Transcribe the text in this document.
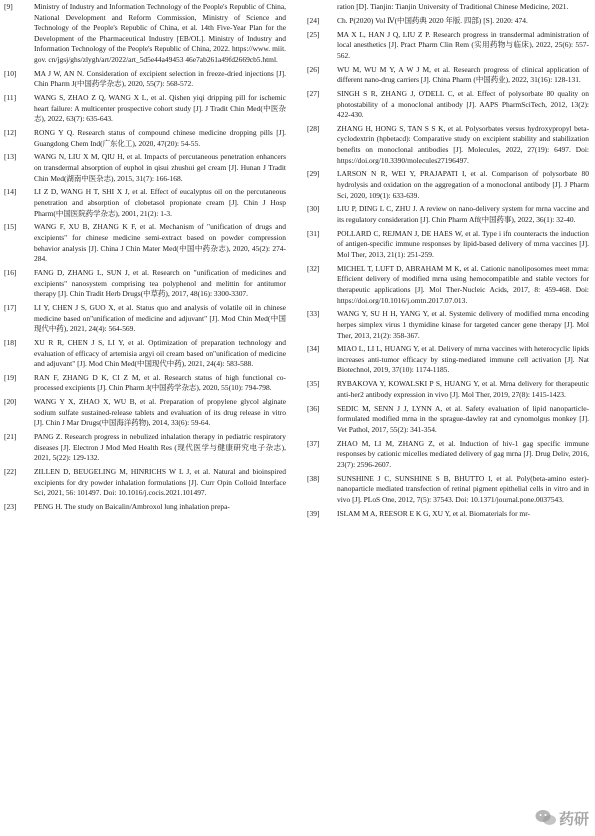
[9]	Ministry of Industry and Information Technology of the People's Republic of China, National Development and Reform Commission, Ministry of Science and Technology of the People's Republic of China, et al. 14th Five-Year Plan for the Development of the Pharmaceutical Industry [EB/OL]. Ministry of Industry and Information Technology of the People's Republic of China, 2022. https://www. miit. gov. cn/jgsj/ghs/zlygh/art/2022/art_5d5e44a49453 46e7ab261a49fd2669cb5.html.
[10]	MA J W, AN N. Consideration of excipient selection in freeze-dried injections [J]. Chin Pharm J(中国药学杂志), 2020, 55(7): 568-572.
[11]	WANG S, ZHAO Z Q, WANG X L, et al. Qishen yiqi dripping pill for ischemic heart failure: A multicenter prospective cohort study [J]. J Tradit Chin Med(中医杂志), 2022, 63(7): 635-643.
[12]	RONG Y Q. Research status of compound chinese medicine dropping pills [J]. Guangdong Chem Ind(广东化工), 2020, 47(20): 54-55.
[13]	WANG N, LIU X M, QIU H, et al. Impacts of percutaneous penetration enhancers on transdermal absorption of euphol in qisui zhushui gel cream [J]. Hunan J Tradit Chin Med(湖南中医杂志), 2015, 31(7): 166-168.
[14]	LI Z D, WANG H T, SHI X J, et al. Effect of eucalyptus oil on the percutaneous penetration and absorption of clobetasol propionate cream [J]. Chin J Hosp Pharm(中国医院药学杂志), 2001, 21(2): 1-3.
[15]	WANG F, XU B, ZHANG K F, et al. Mechanism of "unification of drugs and excipients" for chinese medicine semi-extract based on powder compression behavior analysis [J]. China J Chin Mater Med(中国中药杂志), 2020, 45(2): 274-284.
[16]	FANG D, ZHANG L, SUN J, et al. Research on "unification of medicines and excipients" nanosystem comprising tea polyphenol and melittin for antitumor therapy [J]. Chin Tradit Herb Drugs(中草药), 2017, 48(16): 3300-3307.
[17]	LI Y, CHEN J S, GUO X, et al. Status quo and analysis of volatile oil in chinese medicine based on"unification of medicine and adjuvant" [J]. Mod Chin Med(中国现代中药), 2021, 24(4): 564-569.
[18]	XU R R, CHEN J S, LI Y, et al. Optimization of preparation technology and evaluation of efficacy of artemisia argyi oil cream based on"unification of medicine and adjuvant" [J]. Mod Chin Med(中国现代中药), 2021, 24(4): 583-588.
[19]	RAN F, ZHANG D K, CI Z M, et al. Research status of high functional co-processed excipients [J]. Chin Pharm J(中国药学杂志), 2020, 55(10): 794-798.
[20]	WANG Y X, ZHAO X, WU B, et al. Preparation of propylene glycol alginate sodium sulfate sustained-release tablets and evaluation of its drug release in vitro [J]. Chin J Mar Drugs(中国海洋药物), 2014, 33(6): 59-64.
[21]	PANG Z. Research progress in nebulized inhalation therapy in pediatric respiratory diseases [J]. Electron J Mod Med Health Res (现代医学与健康研究电子杂志), 2021, 5(22): 129-132.
[22]	ZILLEN D, BEUGELING M, HINRICHS W L J, et al. Natural and bioinspired excipients for dry powder inhalation formulations [J]. Curr Opin Colloid Interface Sci, 2021, 56: 101497. Doi: 10.1016/j.cocis.2021.101497.
[23]	PENG H. The study on Baicalin/Ambroxol lung inhalation prepa-
ration [D]. Tianjin: Tianjin University of Traditional Chinese Medicine, 2021.
[24]	Ch. P(2020) Vol Ⅳ(中国药典 2020 年版. 四部) [S]. 2020: 474.
[25]	MA X L, HAN J Q, LIU Z P. Research progress in transdermal administration of local anesthetics [J]. Pract Pharm Clin Rem (实用药物与临床), 2022, 25(6): 557-562.
[26]	WU M, WU M Y, A W J M, et al. Research progress of clinical application of different nano-drug carriers [J]. China Pharm (中国药业), 2022, 31(16): 128-131.
[27]	SINGH S R, ZHANG J, O'DELL C, et al. Effect of polysorbate 80 quality on photostability of a monoclonal antibody [J]. AAPS PharmSciTech, 2012, 13(2): 422-430.
[28]	ZHANG H, HONG S, TAN S S K, et al. Polysorbates versus hydroxypropyl beta-cyclodextrin (hpbetacd): Comparative study on excipient stability and stabilization benefits on monoclonal antibodies [J]. Molecules, 2022, 27(19): 6497. Doi: https://doi.org/10.3390/molecules27196497.
[29]	LARSON N R, WEI Y, PRAJAPATI I, et al. Comparison of polysorbate 80 hydrolysis and oxidation on the aggregation of a monoclonal antibody [J]. J Pharm Sci, 2020, 109(1): 633-639.
[30]	LIU P, DING L C, ZHU J. A review on nano-delivery system for mrna vaccine and its regulatory consideration [J]. Chin Pharm Aff(中国药事), 2022, 36(1): 32-40.
[31]	POLLARD C, REJMAN J, DE HAES W, et al. Type i ifn counteracts the induction of antigen-specific immune responses by lipid-based delivery of mrna vaccines [J]. Mol Ther, 2013, 21(1): 251-259.
[32]	MICHEL T, LUFT D, ABRAHAM M K, et al. Cationic nanoliposomes meet mrna: Efficient delivery of modified mrna using hemocompatible and stable vectors for therapeutic applications [J]. Mol Ther-Nucleic Acids, 2017, 8: 459-468. Doi: https://doi.org/10.1016/j.omtn.2017.07.013.
[33]	WANG Y, SU H H, YANG Y, et al. Systemic delivery of modified mrna encoding herpes simplex virus 1 thymidine kinase for targeted cancer gene therapy [J]. Mol Ther, 2013, 21(2): 358-367.
[34]	MIAO L, LI L, HUANG Y, et al. Delivery of mrna vaccines with heterocyclic lipids increases anti-tumor efficacy by sting-mediated immune cell activation [J]. Nat Biotechnol, 2019, 37(10): 1174-1185.
[35]	RYBAKOVA Y, KOWALSKI P S, HUANG Y, et al. Mrna delivery for therapeutic anti-her2 antibody expression in vivo [J]. Mol Ther, 2019, 27(8): 1415-1423.
[36]	SEDIC M, SENN J J, LYNN A, et al. Safety evaluation of lipid nanoparticle-formulated modified mrna in the sprague-dawley rat and cynomolgus monkey [J]. Vet Pathol, 2017, 55(2): 341-354.
[37]	ZHAO M, LI M, ZHANG Z, et al. Induction of hiv-1 gag specific immune responses by cationic micelles mediated delivery of gag mrna [J]. Drug Deliv, 2016, 23(7): 2596-2607.
[38]	SUNSHINE J C, SUNSHINE S B, BHUTTO I, et al. Poly(beta-amino ester)-nanoparticle mediated transfection of retinal pigment epithelial cells in vitro and in vivo [J]. PLoS One, 2012, 7(5): 37543. Doi: 10.1371/journal.pone.0037543.
[39]	ISLAM M A, REESOR E K G, XU Y, et al. Biomaterials for mr-
药研
